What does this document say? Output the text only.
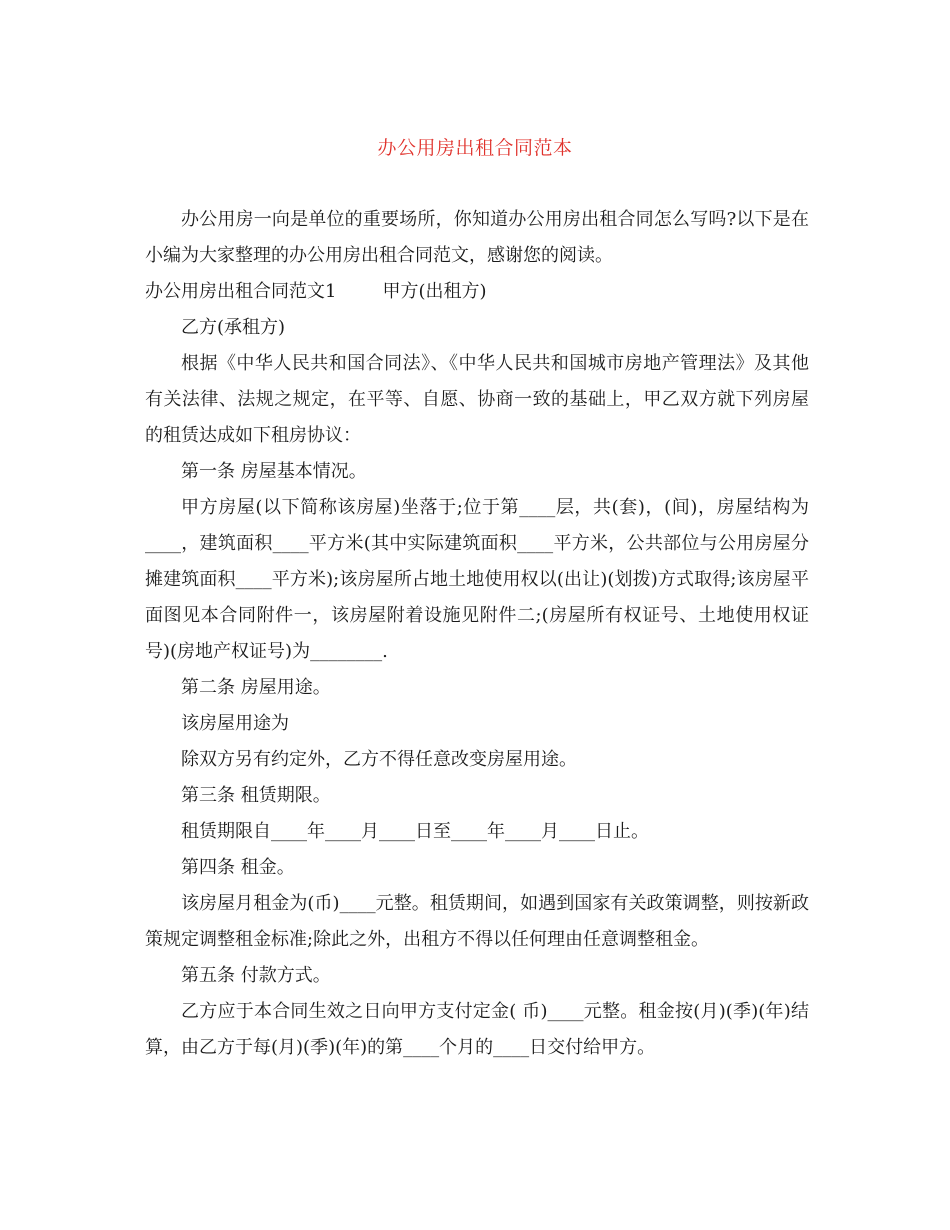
办公用房出租合同范本

办公用房一向是单位的重要场所，你知道办公用房出租合同怎么写吗?以下是在小编为大家整理的办公用房出租合同范文，感谢您的阅读。

办公用房出租合同范文1	甲方(出租方)

乙方(承租方)

根据《中华人民共和国合同法》、《中华人民共和国城市房地产管理法》及其他有关法律、法规之规定，在平等、自愿、协商一致的基础上，甲乙双方就下列房屋的租赁达成如下租房协议：

第一条 房屋基本情况。

甲方房屋(以下简称该房屋)坐落于;位于第____层，共(套)，(间)，房屋结构为____，建筑面积____平方米(其中实际建筑面积____平方米，公共部位与公用房屋分摊建筑面积____平方米);该房屋所占地土地使用权以(出让)(划拨)方式取得;该房屋平面图见本合同附件一，该房屋附着设施见附件二;(房屋所有权证号、土地使用权证号)(房地产权证号)为________.

第二条 房屋用途。

该房屋用途为

除双方另有约定外，乙方不得任意改变房屋用途。

第三条 租赁期限。

租赁期限自____年____月____日至____年____月____日止。

第四条 租金。

该房屋月租金为(币)____元整。租赁期间，如遇到国家有关政策调整，则按新政策规定调整租金标准;除此之外，出租方不得以任何理由任意调整租金。

第五条 付款方式。

乙方应于本合同生效之日向甲方支付定金( 币)____元整。租金按(月)(季)(年)结算，由乙方于每(月)(季)(年)的第____个月的____日交付给甲方。
